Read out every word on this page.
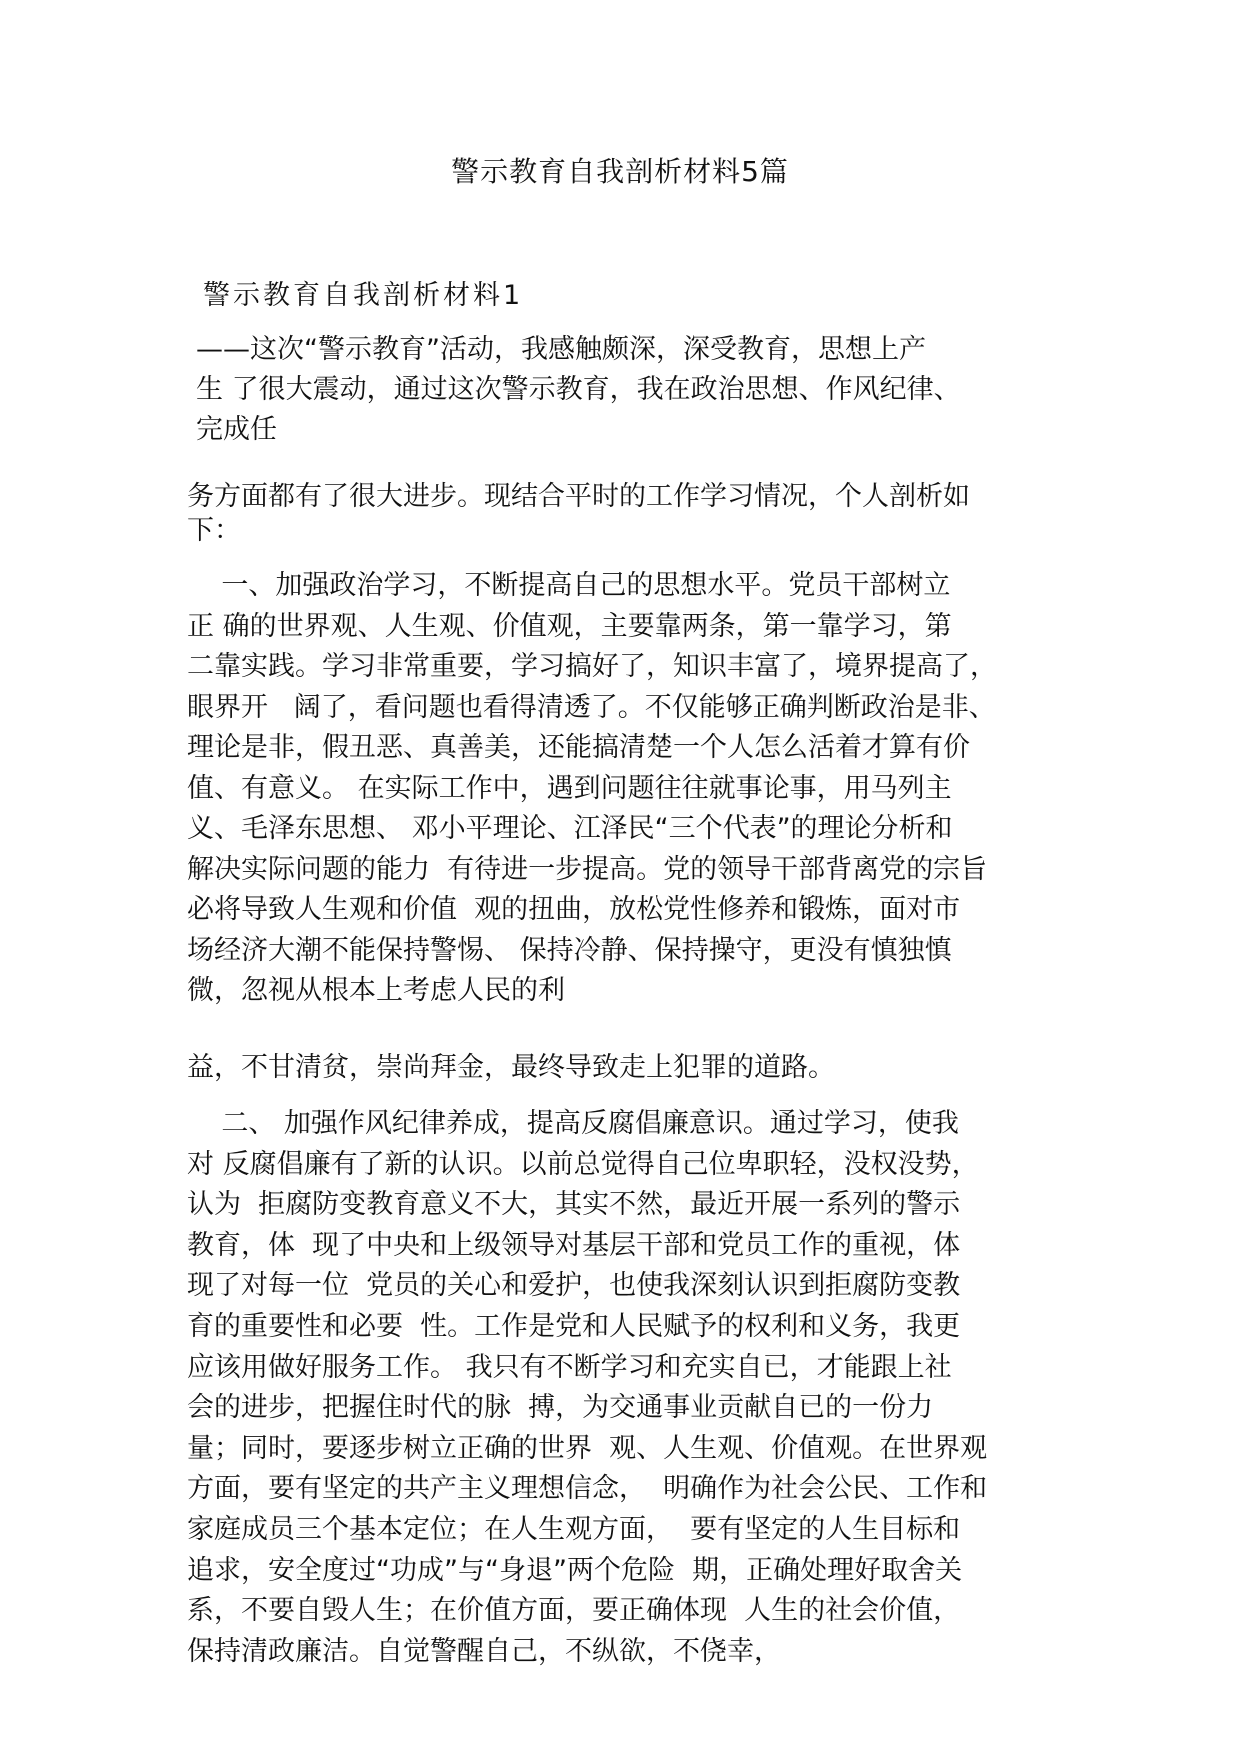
警示教育自我剖析材料5篇
警示教育自我剖析材料1

——这次“警示教育”活动，我感触颇深，深受教育，思想上产
生 了很大震动，通过这次警示教育，我在政治思想、作风纪律、
完成任

务方面都有了很大进步。现结合平时的工作学习情况，个人剖析如
下：

一、加强政治学习，不断提高自己的思想水平。党员干部树立
正 确的世界观、人生观、价值观，主要靠两条，第一靠学习，第
二靠实践。学习非常重要，学习搞好了，知识丰富了，境界提高了，
眼界开   阔了，看问题也看得清透了。不仅能够正确判断政治是非、
理论是非，假丑恶、真善美，还能搞清楚一个人怎么活着才算有价
值、有意义。 在实际工作中，遇到问题往往就事论事，用马列主
义、毛泽东思想、 邓小平理论、江泽民“三个代表”的理论分析和
解决实际问题的能力  有待进一步提高。党的领导干部背离党的宗旨
必将导致人生观和价值  观的扭曲，放松党性修养和锻炼，面对市
场经济大潮不能保持警惕、 保持冷静、保持操守，更没有慎独慎
微，忽视从根本上考虑人民的利

益，不甘清贫，崇尚拜金，最终导致走上犯罪的道路。

二、 加强作风纪律养成，提高反腐倡廉意识。通过学习，使我
对 反腐倡廉有了新的认识。以前总觉得自己位卑职轻，没权没势，
认为  拒腐防变教育意义不大，其实不然，最近开展一系列的警示
教育，体  现了中央和上级领导对基层干部和党员工作的重视，体
现了对每一位  党员的关心和爱护，也使我深刻认识到拒腐防变教
育的重要性和必要  性。工作是党和人民赋予的权利和义务，我更
应该用做好服务工作。 我只有不断学习和充实自已，才能跟上社
会的进步，把握住时代的脉  搏，为交通事业贡献自已的一份力
量；同时，要逐步树立正确的世界  观、人生观、价值观。在世界观
方面，要有坚定的共产主义理想信念，  明确作为社会公民、工作和
家庭成员三个基本定位；在人生观方面，  要有坚定的人生目标和
追求，安全度过“功成”与“身退”两个危险  期，正确处理好取舍关
系，不要自毁人生；在价值方面，要正确体现  人生的社会价值，
保持清政廉洁。自觉警醒自己，不纵欲，不侥幸，
